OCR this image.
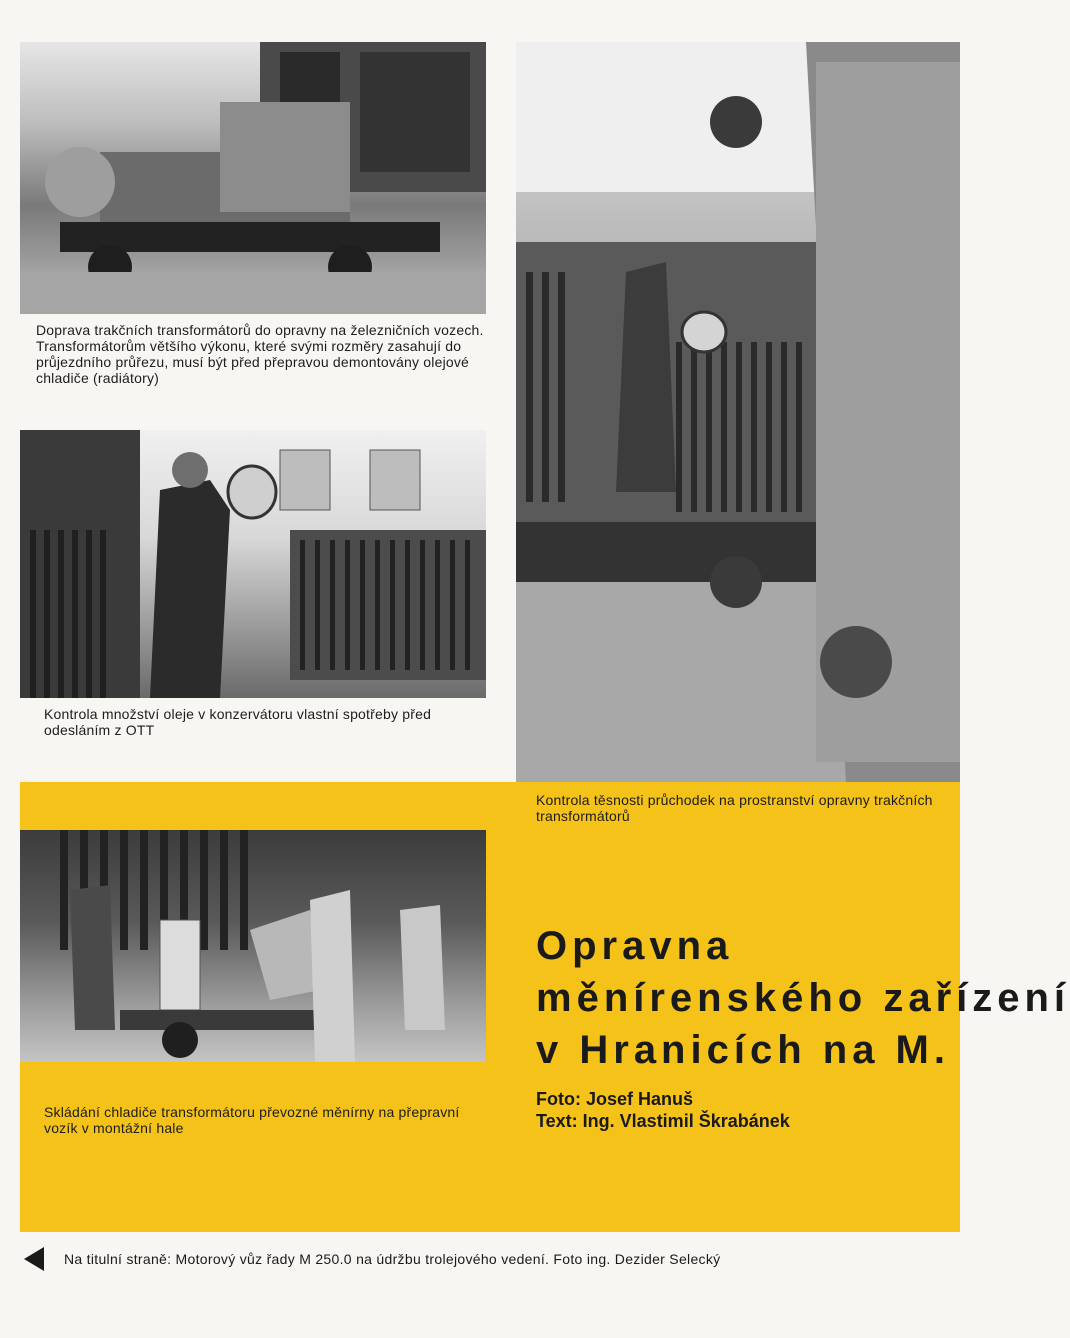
Doprava trakčních transformátorů do opravny na železničních vozech. Transformátorům většího výkonu, které svými rozměry zasahují do průjezdního průřezu, musí být před přepravou demontovány olejové chladiče (radiátory)
Kontrola množství oleje v konzervátoru vlastní spotřeby před odesláním z OTT
Kontrola těsnosti průchodek na prostranství opravny trakčních transformátorů
Skládání chladiče transformátoru převozné měnírny na přepravní vozík v montážní hale
Opravna
měnírenského zařízení
v Hranicích na M.
Foto: Josef Hanuš
Text: Ing. Vlastimil Škrabánek
Na titulní straně: Motorový vůz řady M 250.0 na údržbu trolejového vedení. Foto ing. Dezider Selecký
